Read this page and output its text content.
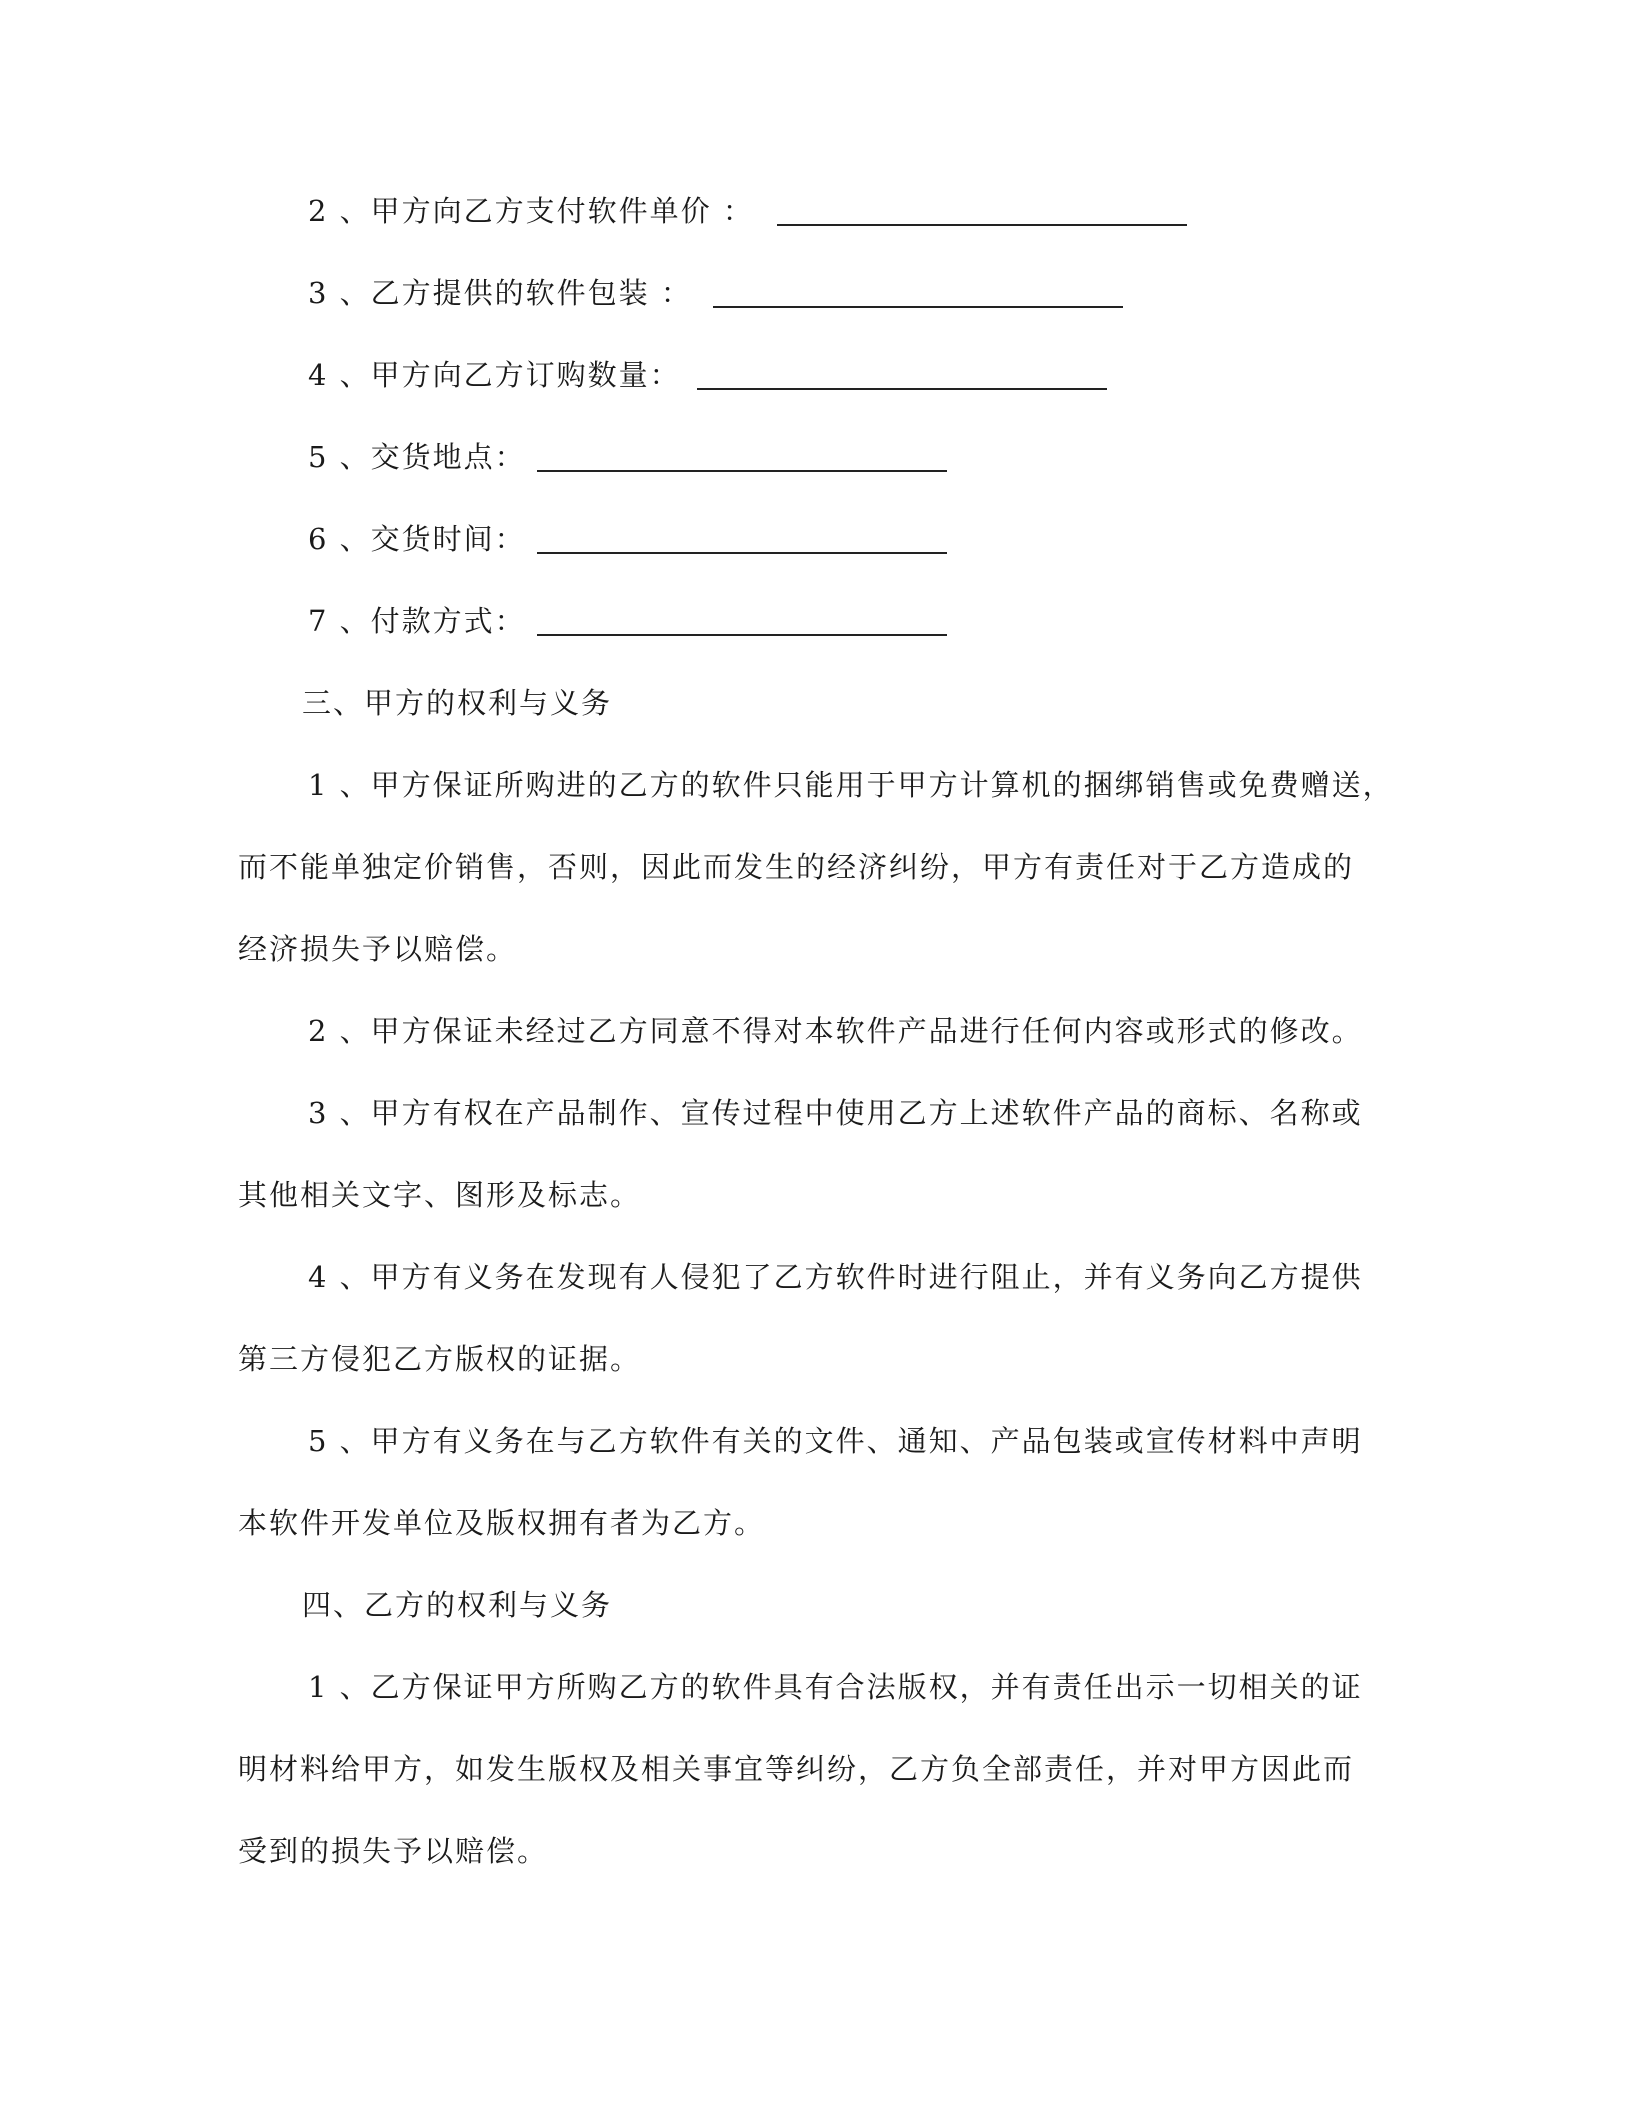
2 、甲方向乙方支付软件单价 ：
3 、乙方提供的软件包装 ：
4 、甲方向乙方订购数量：
5 、交货地点：
6 、交货时间：
7 、付款方式：
三、甲方的权利与义务
1 、甲方保证所购进的乙方的软件只能用于甲方计算机的捆绑销售或免费赠送，
而不能单独定价销售，否则，因此而发生的经济纠纷，甲方有责任对于乙方造成的
经济损失予以赔偿。
2 、甲方保证未经过乙方同意不得对本软件产品进行任何内容或形式的修改。
3 、甲方有权在产品制作、宣传过程中使用乙方上述软件产品的商标、名称或
其他相关文字、图形及标志。
4 、甲方有义务在发现有人侵犯了乙方软件时进行阻止，并有义务向乙方提供
第三方侵犯乙方版权的证据。
5 、甲方有义务在与乙方软件有关的文件、通知、产品包装或宣传材料中声明
本软件开发单位及版权拥有者为乙方。
四、乙方的权利与义务
1 、乙方保证甲方所购乙方的软件具有合法版权，并有责任出示一切相关的证
明材料给甲方，如发生版权及相关事宜等纠纷，乙方负全部责任，并对甲方因此而
受到的损失予以赔偿。
